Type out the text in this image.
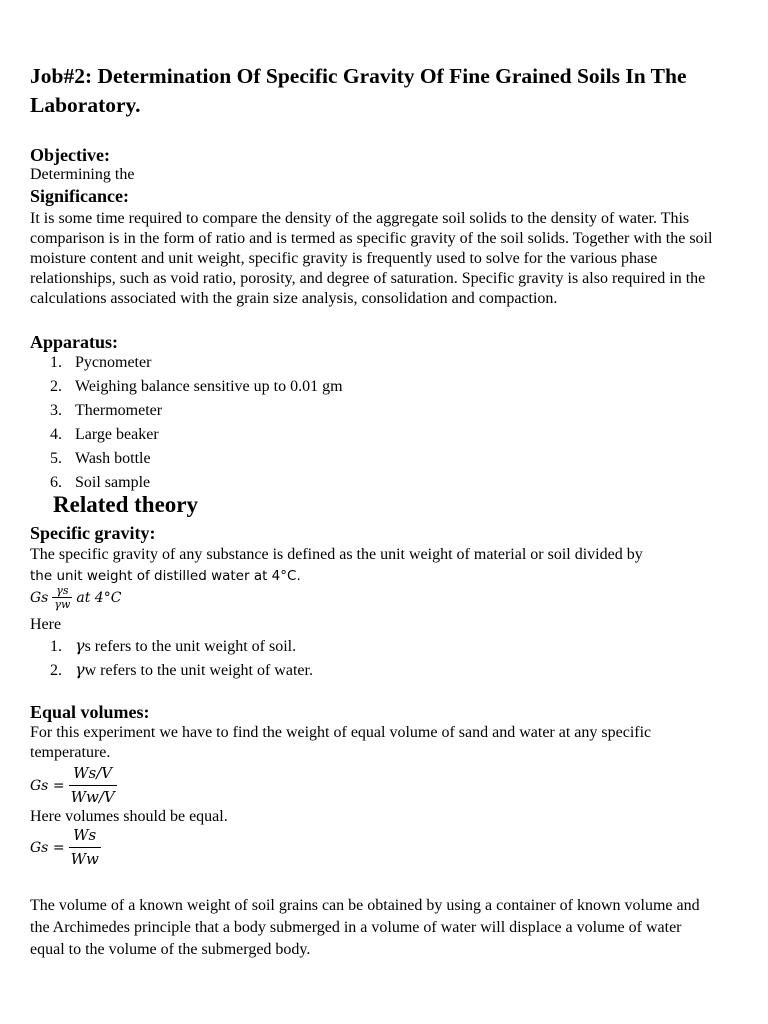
Job#2: Determination Of Specific Gravity Of Fine Grained Soils In The Laboratory.
Objective:

Determining the

Significance:

It is some time required to compare the density of the aggregate soil solids to the density of water. This comparison is in the form of ratio and is termed as specific gravity of the soil solids. Together with the soil moisture content and unit weight, specific gravity is frequently used to solve for the various phase relationships, such as void ratio, porosity, and degree of saturation. Specific gravity is also required in the calculations associated with the grain size analysis, consolidation and compaction.

Apparatus:
1. Pycnometer
2. Weighing balance sensitive up to 0.01 gm
3. Thermometer
4. Large beaker
5. Wash bottle
6. Soil sample
Related theory
Specific gravity:

The specific gravity of any substance is defined as the unit weight of material or soil divided by

the unit weight of distilled water at 4°C.

Gs $\frac{\gamma s}{\gamma w}$ at 4°C

Here

1. γs refers to the unit weight of soil.
2. γw refers to the unit weight of water.
Equal volumes:

For this experiment we have to find the weight of equal volume of sand and water at any specific temperature.

$Gs = \frac{Ws/V}{Ww/V}$

Here volumes should be equal.

$Gs = \frac{Ws}{Ww}$

The volume of a known weight of soil grains can be obtained by using a container of known volume and the Archimedes principle that a body submerged in a volume of water will displace a volume of water equal to the volume of the submerged body.
